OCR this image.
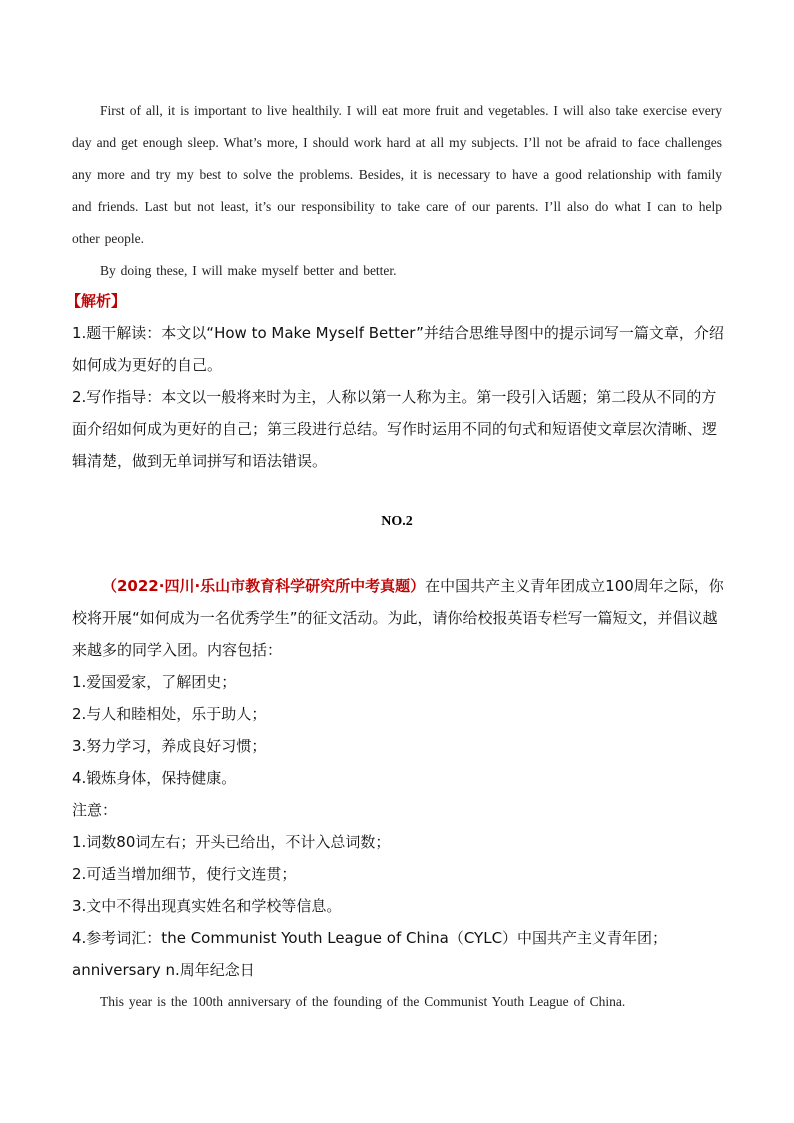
First of all, it is important to live healthily. I will eat more fruit and vegetables. I will also take exercise every day and get enough sleep. What’s more, I should work hard at all my subjects. I’ll not be afraid to face challenges any more and try my best to solve the problems. Besides, it is necessary to have a good relationship with family and friends. Last but not least, it’s our responsibility to take care of our parents. I’ll also do what I can to help other people.

By doing these, I will make myself better and better.

【解析】

1.题干解读：本文以“How to Make Myself Better”并结合思维导图中的提示词写一篇文章，介绍如何成为更好的自己。

2.写作指导：本文以一般将来时为主，人称以第一人称为主。第一段引入话题；第二段从不同的方面介绍如何成为更好的自己；第三段进行总结。写作时运用不同的句式和短语使文章层次清晰、逻辑清楚，做到无单词拼写和语法错误。

NO.2

（2022·四川·乐山市教育科学研究所中考真题）在中国共产主义青年团成立100周年之际，你校将开展“如何成为一名优秀学生”的征文活动。为此，请你给校报英语专栏写一篇短文，并倡议越来越多的同学入团。内容包括：

1.爱国爱家，了解团史；

2.与人和睦相处，乐于助人；

3.努力学习，养成良好习惯；

4.锻炼身体，保持健康。

注意：

1.词数80词左右；开头已给出，不计入总词数；

2.可适当增加细节，使行文连贯；

3.文中不得出现真实姓名和学校等信息。

4.参考词汇：the Communist Youth League of China（CYLC）中国共产主义青年团；anniversary n.周年纪念日

This year is the 100th anniversary of the founding of the Communist Youth League of China.
